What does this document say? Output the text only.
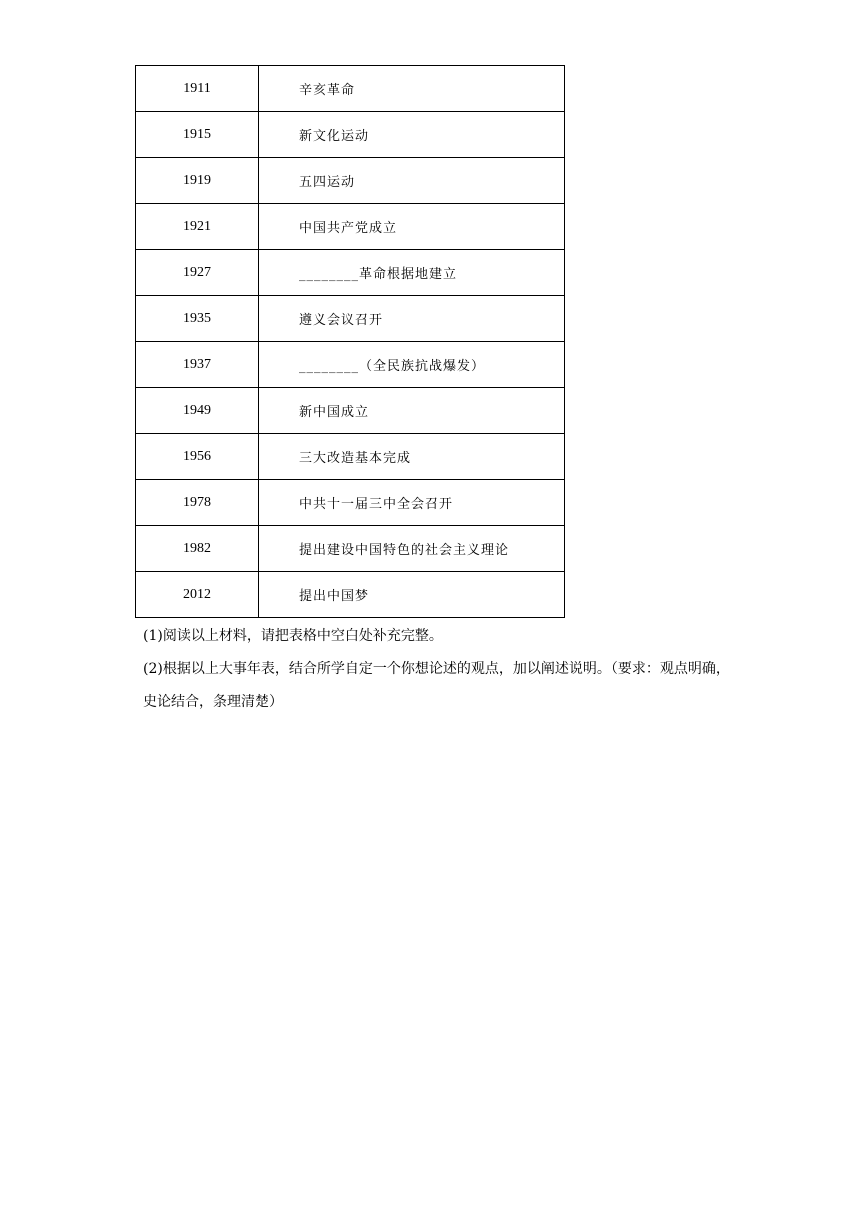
1911	辛亥革命
1915	新文化运动
1919	五四运动
1921	中国共产党成立
1927	________革命根据地建立
1935	遵义会议召开
1937	________（全民族抗战爆发）
1949	新中国成立
1956	三大改造基本完成
1978	中共十一届三中全会召开
1982	提出建设中国特色的社会主义理论
2012	提出中国梦

(1)阅读以上材料，请把表格中空白处补充完整。

(2)根据以上大事年表，结合所学自定一个你想论述的观点，加以阐述说明。（要求：观点明确，史论结合，条理清楚）
